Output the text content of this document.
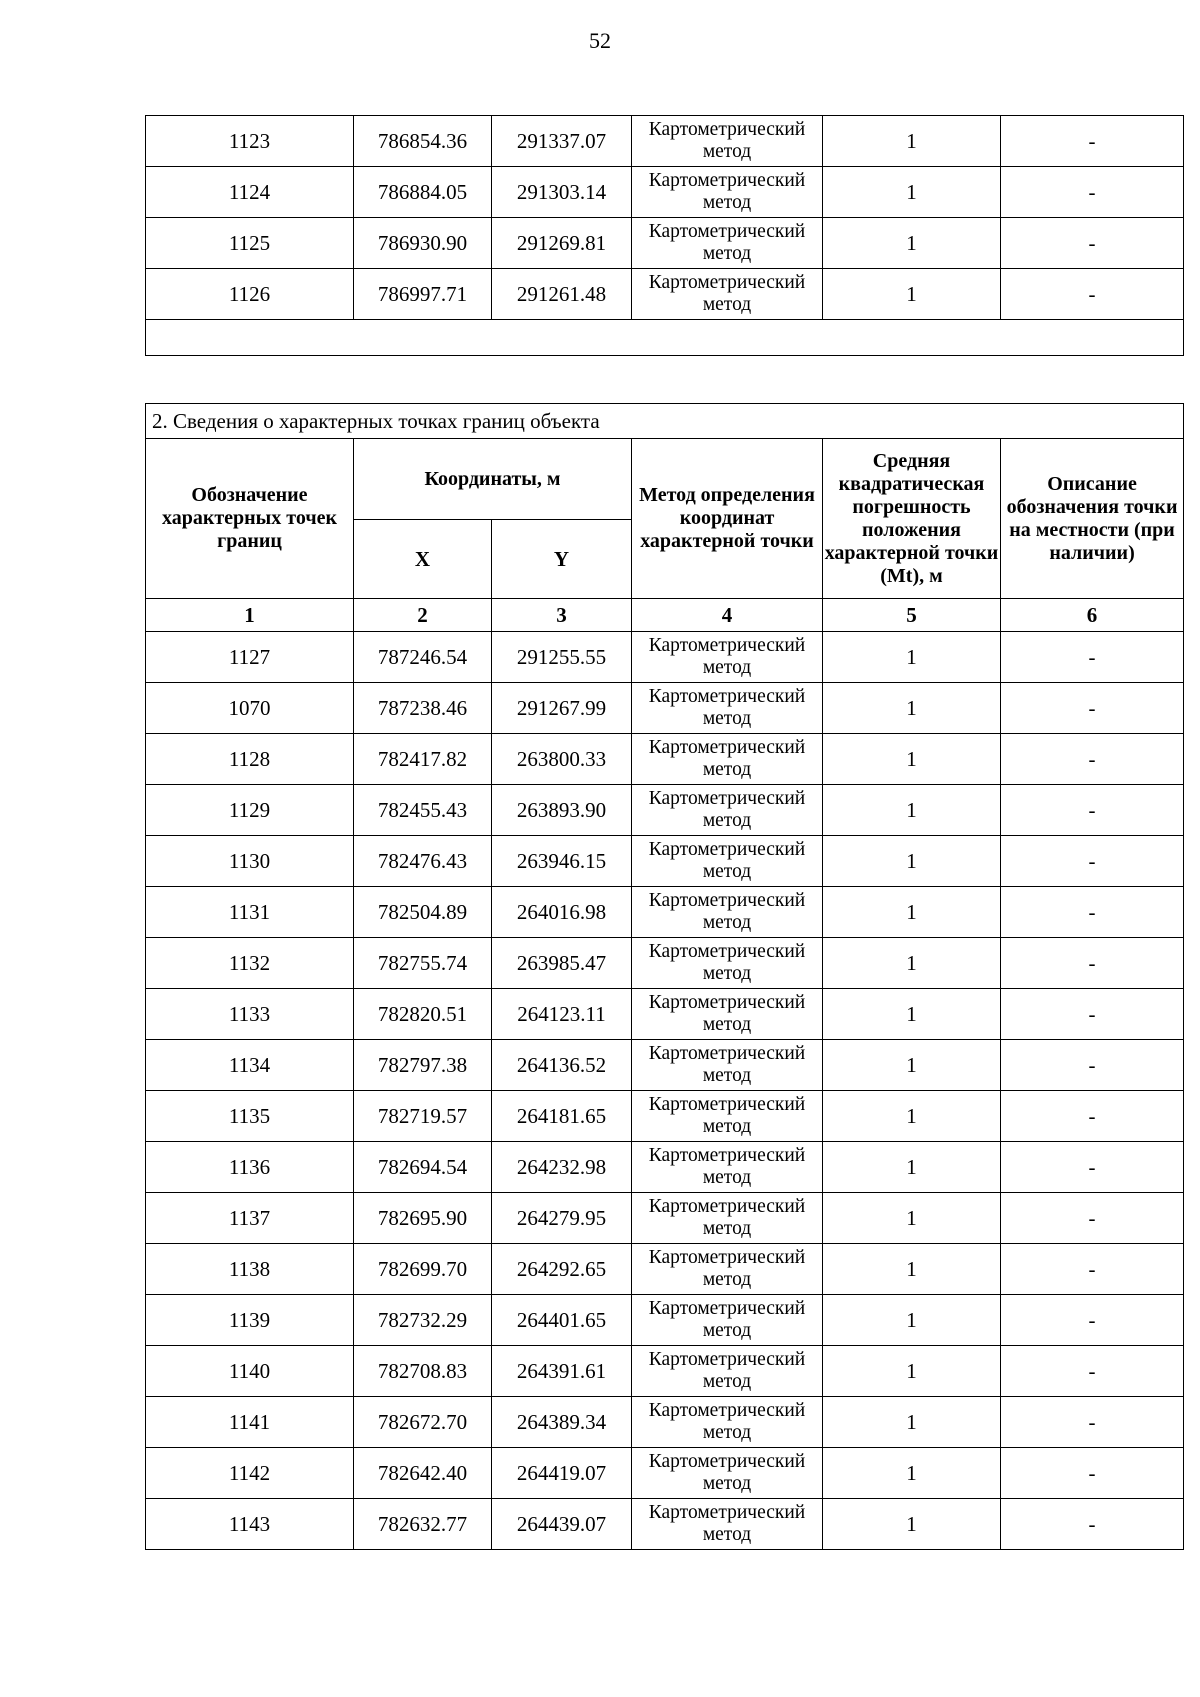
52
1123	786854.36	291337.07	Картометрический метод	1	-
1124	786884.05	291303.14	Картометрический метод	1	-
1125	786930.90	291269.81	Картометрический метод	1	-
1126	786997.71	291261.48	Картометрический метод	1	-

2. Сведения о характерных точках границ объекта					
Обозначение характерных точек границ	Координаты, м		Метод определения координат характерной точки	Средняя квадратическая погрешность положения характерной точки (Mt), м	Описание обозначения точки на местности (при наличии)
	X	Y			
1	2	3	4	5	6
1127	787246.54	291255.55	Картометрический метод	1	-
1070	787238.46	291267.99	Картометрический метод	1	-
1128	782417.82	263800.33	Картометрический метод	1	-
1129	782455.43	263893.90	Картометрический метод	1	-
1130	782476.43	263946.15	Картометрический метод	1	-
1131	782504.89	264016.98	Картометрический метод	1	-
1132	782755.74	263985.47	Картометрический метод	1	-
1133	782820.51	264123.11	Картометрический метод	1	-
1134	782797.38	264136.52	Картометрический метод	1	-
1135	782719.57	264181.65	Картометрический метод	1	-
1136	782694.54	264232.98	Картометрический метод	1	-
1137	782695.90	264279.95	Картометрический метод	1	-
1138	782699.70	264292.65	Картометрический метод	1	-
1139	782732.29	264401.65	Картометрический метод	1	-
1140	782708.83	264391.61	Картометрический метод	1	-
1141	782672.70	264389.34	Картометрический метод	1	-
1142	782642.40	264419.07	Картометрический метод	1	-
1143	782632.77	264439.07	Картометрический метод	1	-
